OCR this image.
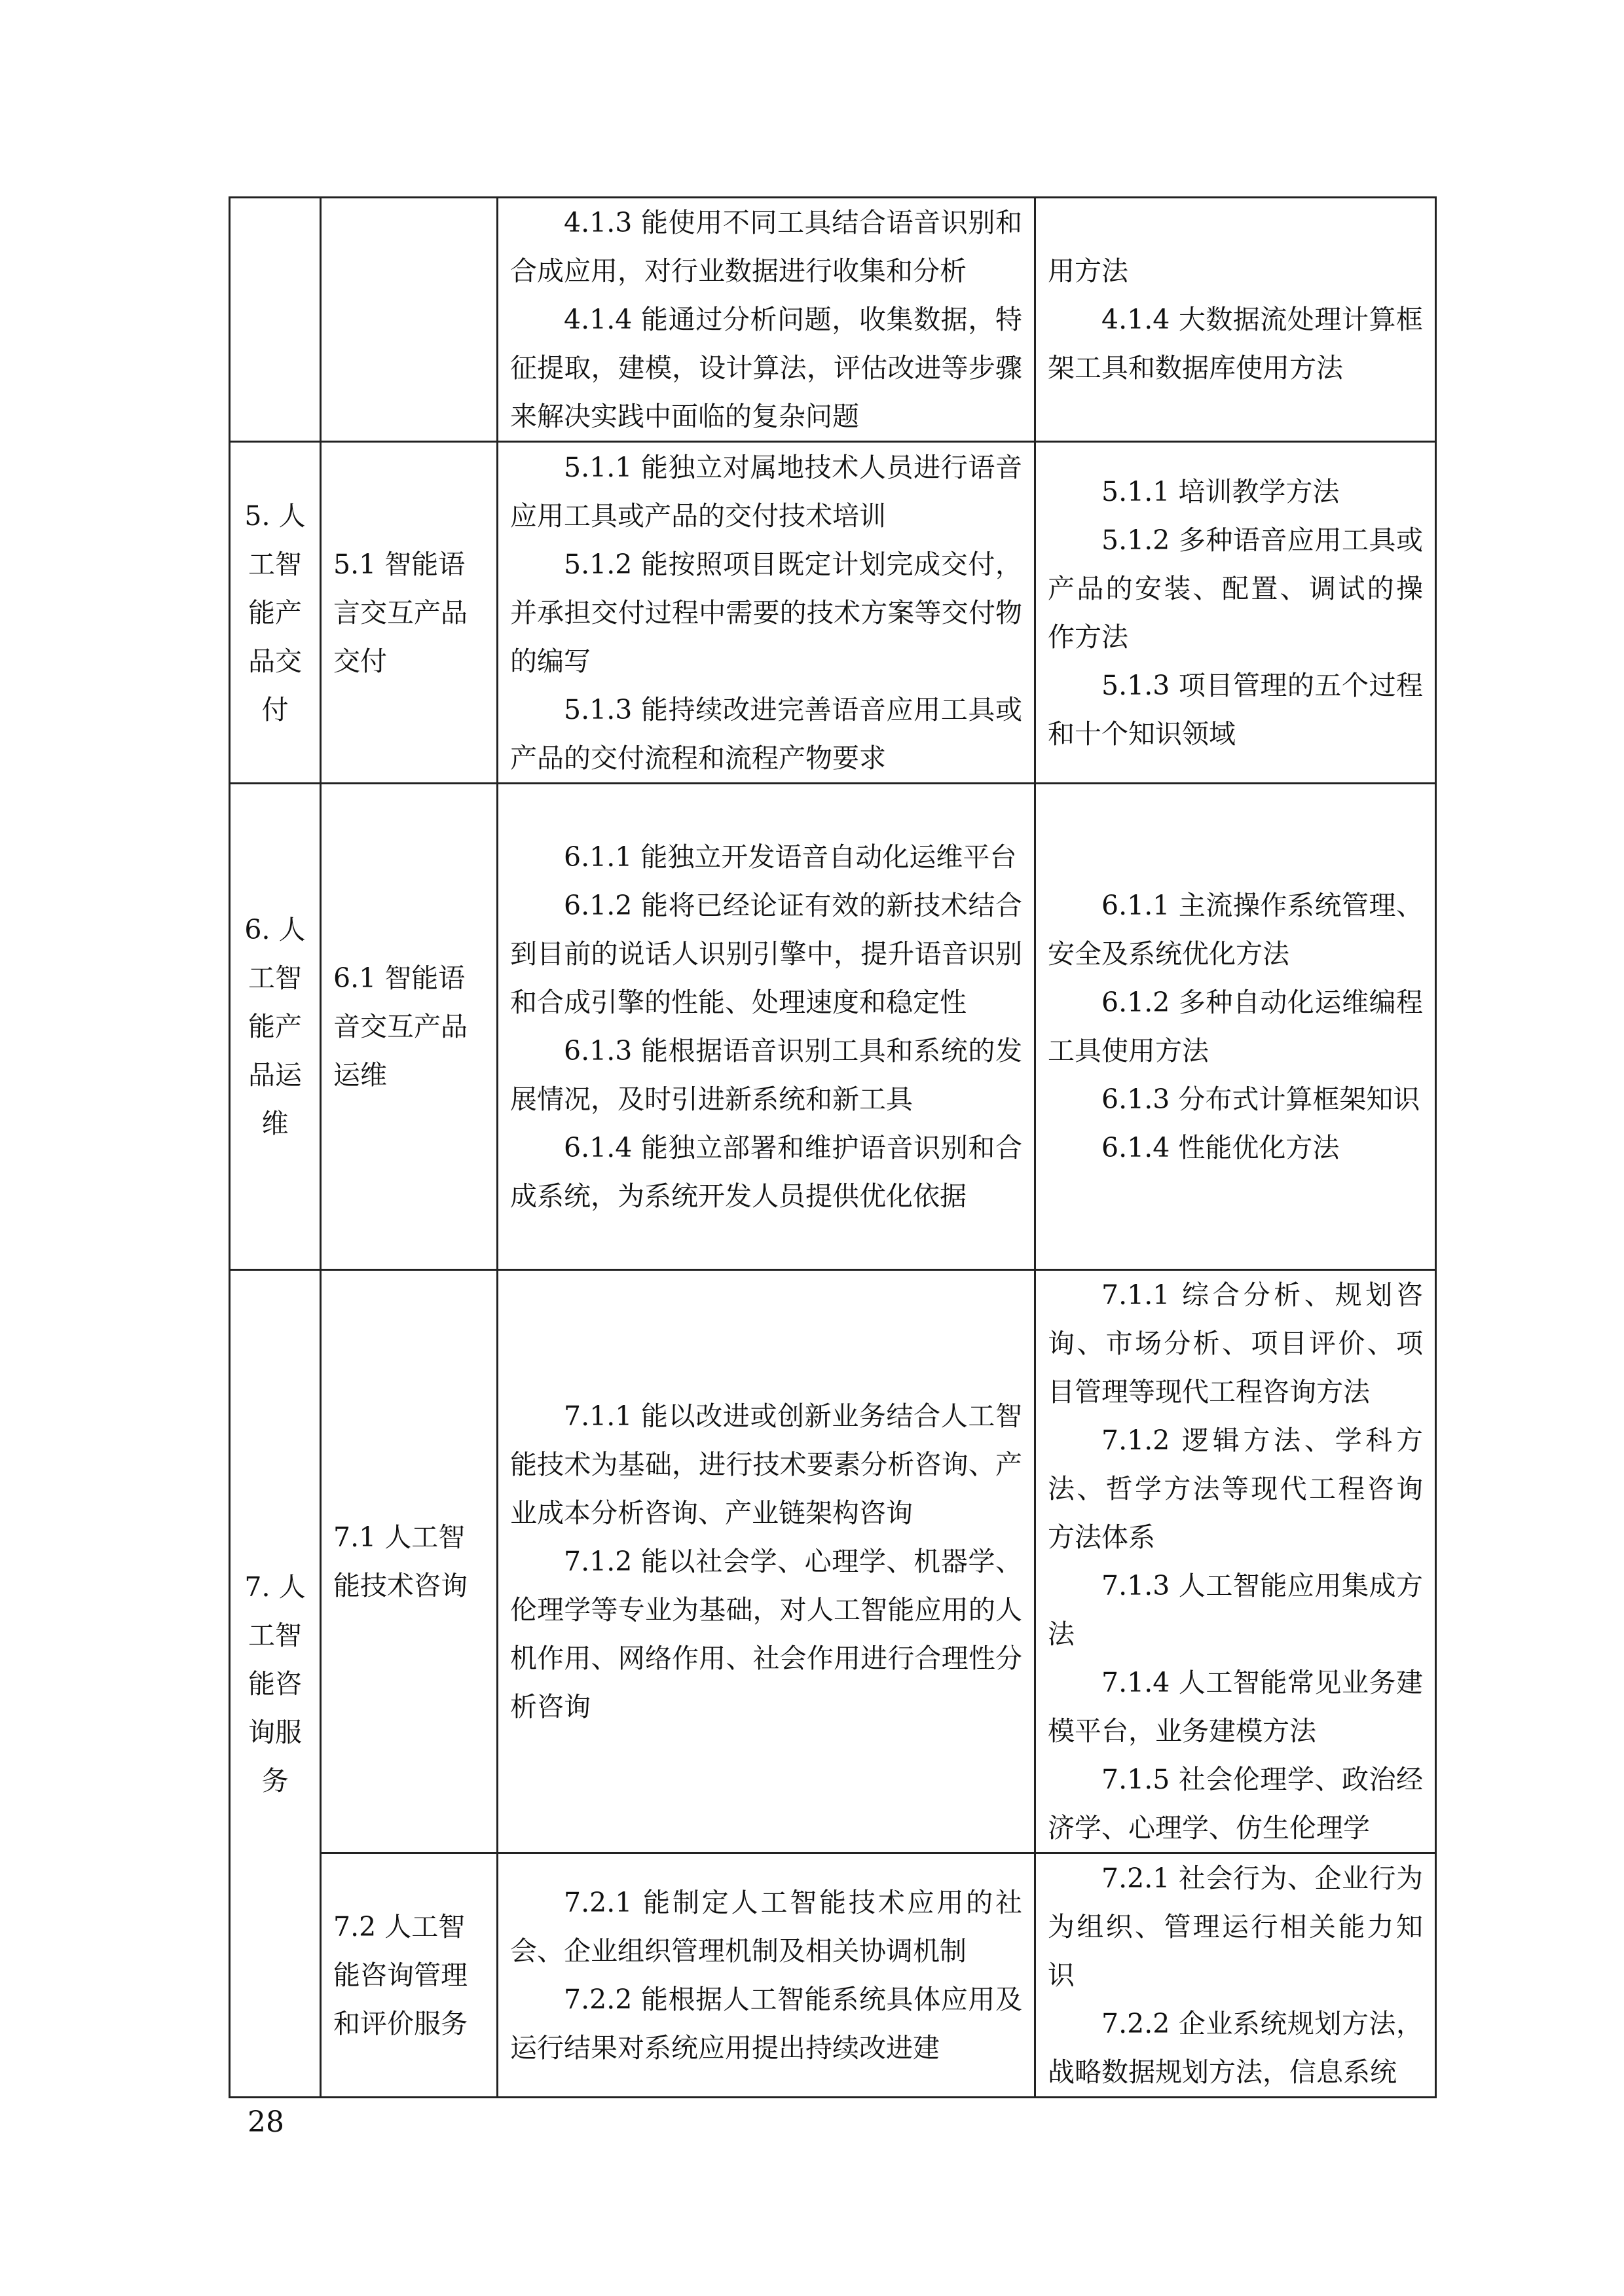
		4.1.3 能使用不同工具结合语音识别和合成应用，对行业数据进行收集和分析
4.1.4 能通过分析问题，收集数据，特征提取，建模，设计算法，评估改进等步骤来解决实践中面临的复杂问题	用方法
4.1.4 大数据流处理计算框架工具和数据库使用方法

5. 人工智能产品交付	5.1 智能语言交互产品交付	5.1.1 能独立对属地技术人员进行语音应用工具或产品的交付技术培训
5.1.2 能按照项目既定计划完成交付，并承担交付过程中需要的技术方案等交付物的编写
5.1.3 能持续改进完善语音应用工具或产品的交付流程和流程产物要求	5.1.1 培训教学方法
5.1.2 多种语音应用工具或产品的安装、配置、调试的操作方法
5.1.3 项目管理的五个过程和十个知识领域

6. 人工智能产品运维	6.1 智能语音交互产品运维	6.1.1 能独立开发语音自动化运维平台
6.1.2 能将已经论证有效的新技术结合到目前的说话人识别引擎中，提升语音识别和合成引擎的性能、处理速度和稳定性
6.1.3 能根据语音识别工具和系统的发展情况，及时引进新系统和新工具
6.1.4 能独立部署和维护语音识别和合成系统，为系统开发人员提供优化依据	6.1.1 主流操作系统管理、安全及系统优化方法
6.1.2 多种自动化运维编程工具使用方法
6.1.3 分布式计算框架知识
6.1.4 性能优化方法

7. 人工智能咨询服务	7.1 人工智能技术咨询	7.1.1 能以改进或创新业务结合人工智能技术为基础，进行技术要素分析咨询、产业成本分析咨询、产业链架构咨询
7.1.2 能以社会学、心理学、机器学、伦理学等专业为基础，对人工智能应用的人机作用、网络作用、社会作用进行合理性分析咨询	7.1.1 综合分析、规划咨询、市场分析、项目评价、项目管理等现代工程咨询方法
7.1.2 逻辑方法、学科方法、哲学方法等现代工程咨询方法体系
7.1.3 人工智能应用集成方法
7.1.4 人工智能常见业务建模平台，业务建模方法
7.1.5 社会伦理学、政治经济学、心理学、仿生伦理学

	7.2 人工智能咨询管理和评价服务	7.2.1 能制定人工智能技术应用的社会、企业组织管理机制及相关协调机制
7.2.2 能根据人工智能系统具体应用及运行结果对系统应用提出持续改进建	7.2.1 社会行为、企业行为为组织、管理运行相关能力知识
7.2.2 企业系统规划方法，战略数据规划方法，信息系统
28
